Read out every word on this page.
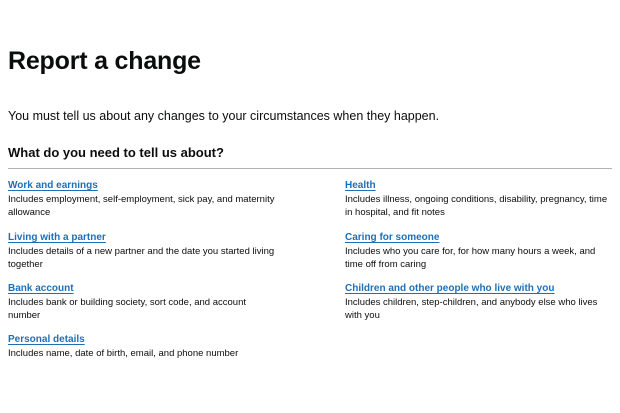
Report a change

You must tell us about any changes to your circumstances when they happen.

What do you need to tell us about?
Work and earnings

Includes employment, self-employment, sick pay, and maternity allowance

Health

Includes illness, ongoing conditions, disability, pregnancy, time in hospital, and fit notes

Living with a partner

Includes details of a new partner and the date you started living together

Caring for someone

Includes who you care for, for how many hours a week, and time off from caring

Bank account

Includes bank or building society, sort code, and account number

Children and other people who live with you

Includes children, step-children, and anybody else who lives with you

Personal details

Includes name, date of birth, email, and phone number
